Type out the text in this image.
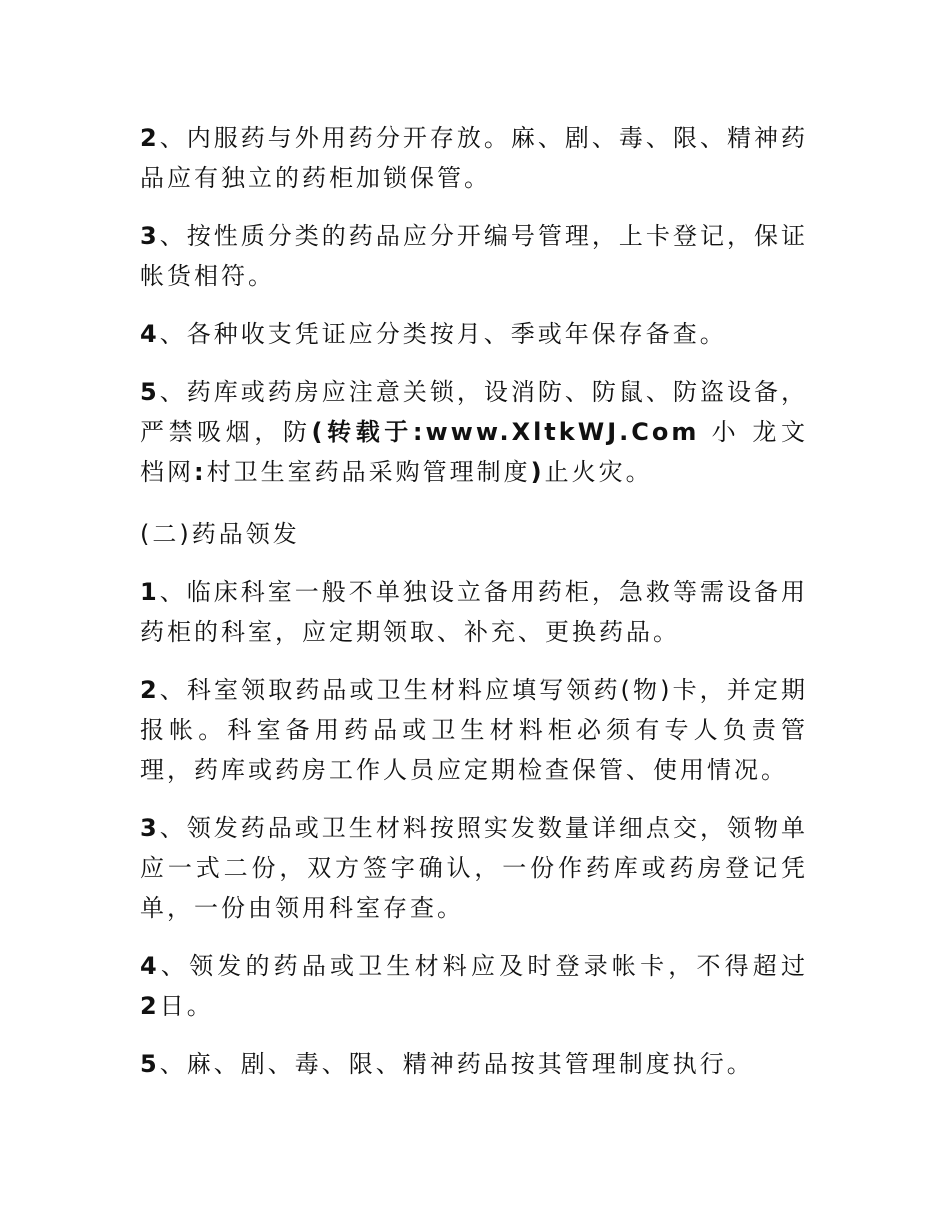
2、内服药与外用药分开存放。麻、剧、毒、限、精神药品应有独立的药柜加锁保管。

3、按性质分类的药品应分开编号管理，上卡登记，保证帐货相符。

4、各种收支凭证应分类按月、季或年保存备查。

5、药库或药房应注意关锁，设消防、防鼠、防盗设备，严禁吸烟，防(转载于:www.XltkWJ.Com 小 龙文档网:村卫生室药品采购管理制度)止火灾。

(二)药品领发

1、临床科室一般不单独设立备用药柜，急救等需设备用药柜的科室，应定期领取、补充、更换药品。

2、科室领取药品或卫生材料应填写领药(物)卡，并定期报帐。科室备用药品或卫生材料柜必须有专人负责管理，药库或药房工作人员应定期检查保管、使用情况。

3、领发药品或卫生材料按照实发数量详细点交，领物单应一式二份，双方签字确认，一份作药库或药房登记凭单，一份由领用科室存查。

4、领发的药品或卫生材料应及时登录帐卡，不得超过 2日。

5、麻、剧、毒、限、精神药品按其管理制度执行。
